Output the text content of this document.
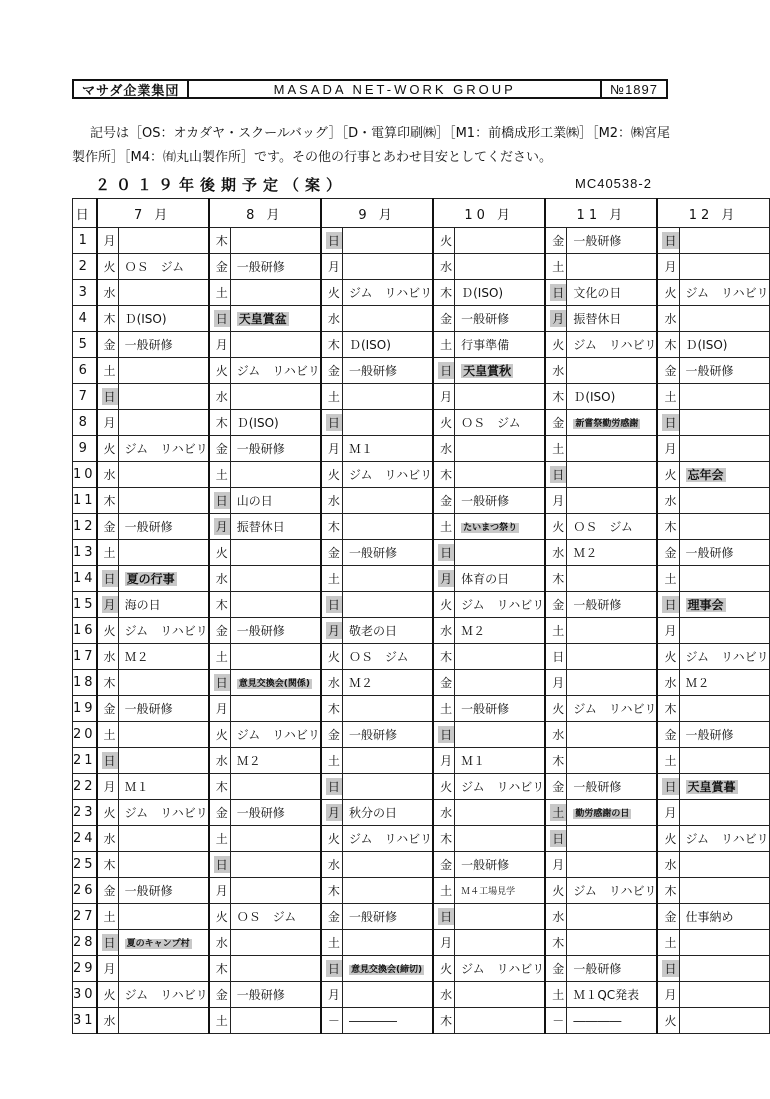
マサダ企業集団	MASADA NET-WORK GROUP	№1897
記号は［OS：オカダヤ・スクールバッグ］［D・電算印刷㈱］［M1：前橋成形工業㈱］［M2：㈱宮尾製作所］［M4：㈲丸山製作所］です。その他の行事とあわせ目安としてください。
２０１９年後期予定（案）	MC40538-2
日	7 月		8 月		9 月		10 月		11 月		12 月	
1	月		木		日		火		金	一般研修	日	
2	火	ＯＳ　ジム	金	一般研修	月		水		土		月	
3	水		土		火	ジム　リハビリ	木	Ｄ(ISO)	日	文化の日	火	ジム　リハビリ
4	木	Ｄ(ISO)	日	天皇賞盆	水		金	一般研修	月	振替休日	水	
5	金	一般研修	月		木	Ｄ(ISO)	土	行事準備	火	ジム　リハビリ	木	Ｄ(ISO)
6	土		火	ジム　リハビリ	金	一般研修	日	天皇賞秋	水		金	一般研修
7	日		水		土		月		木	Ｄ(ISO)	土	
8	月		木	Ｄ(ISO)	日		火	ＯＳ　ジム	金	新嘗祭勤労感謝	日	
9	火	ジム　リハビリ	金	一般研修	月	Ｍ１	水		土		月	
10	水		土		火	ジム　リハビリ	木		日		火	忘年会
11	木		日	山の日	水		金	一般研修	月		水	
12	金	一般研修	月	振替休日	木		土	たいまつ祭り	火	ＯＳ　ジム	木	
13	土		火		金	一般研修	日		水	Ｍ２	金	一般研修
14	日	夏の行事	水		土		月	体育の日	木		土	
15	月	海の日	木		日		火	ジム　リハビリ	金	一般研修	日	理事会
16	火	ジム　リハビリ	金	一般研修	月	敬老の日	水	Ｍ２	土		月	
17	水	Ｍ２	土		火	ＯＳ　ジム	木		日		火	ジム　リハビリ
18	木		日	意見交換会(関係)	水	Ｍ２	金		月		水	Ｍ２
19	金	一般研修	月		木		土	一般研修	火	ジム　リハビリ	木	
20	土		火	ジム　リハビリ	金	一般研修	日		水		金	一般研修
21	日		水	Ｍ２	土		月	Ｍ１	木		土	
22	月	Ｍ１	木		日		火	ジム　リハビリ	金	一般研修	日	天皇賞暮
23	火	ジム　リハビリ	金	一般研修	月	秋分の日	水		土	勤労感謝の日	月	
24	水		土		火	ジム　リハビリ	木		日		火	ジム　リハビリ
25	木		日		水		金	一般研修	月		水	
26	金	一般研修	月		木		土	Ｍ４工場見学	火	ジム　リハビリ	木	
27	土		火	ＯＳ　ジム	金	一般研修	日		水		金	仕事納め
28	日	夏のキャンプ村	水		土		月		木		土	
29	月		木		日	意見交換会(締切)	火	ジム　リハビリ	金	一般研修	日	
30	火	ジム　リハビリ	金	一般研修	月		水		土	Ｍ１QC発表	月	
31	水		土		－	――――	木		－	――――	火	
